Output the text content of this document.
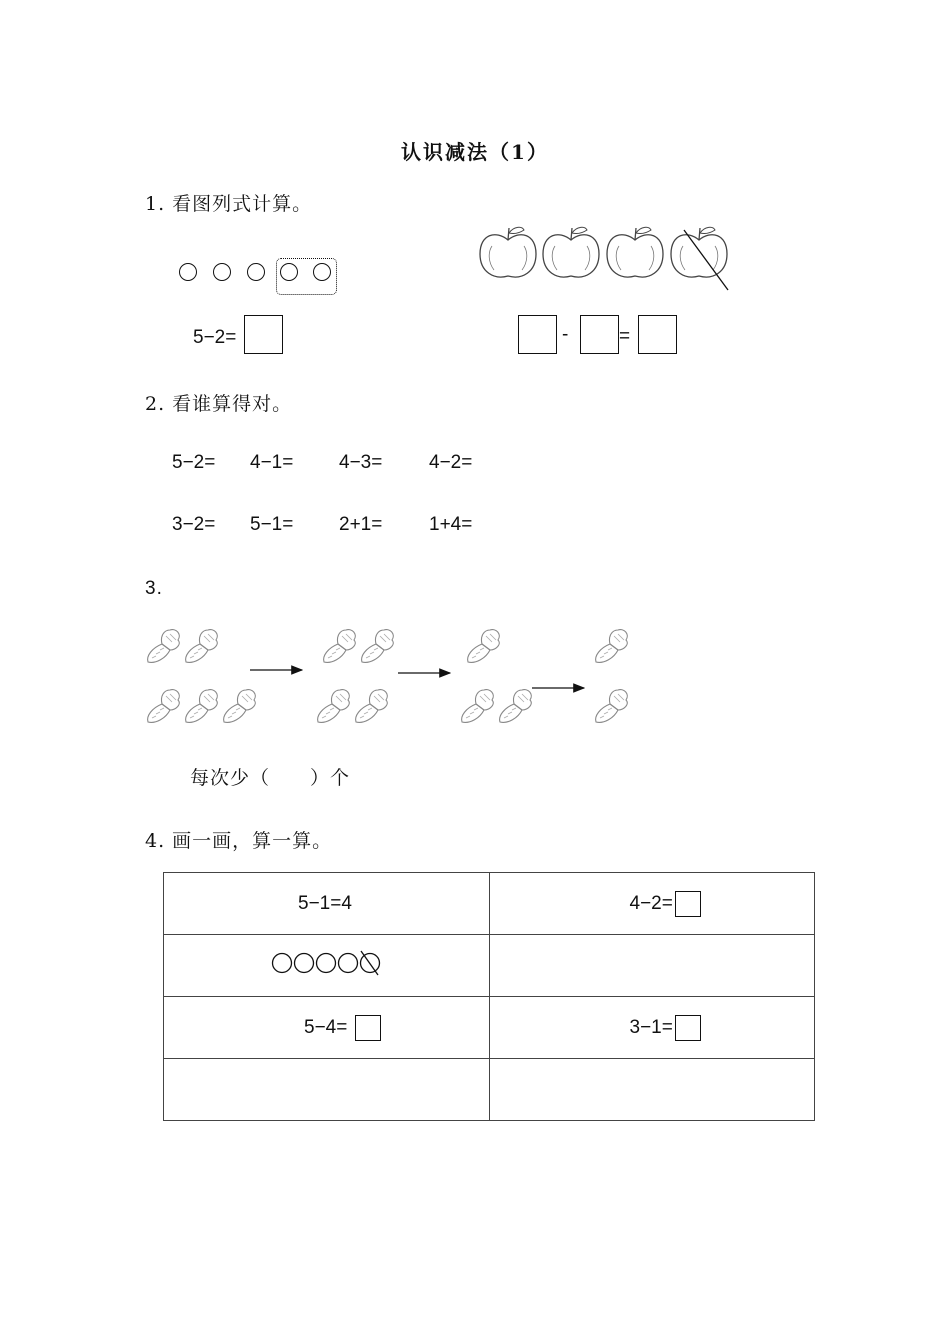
认识减法（1）
1. 看图列式计算。
5−2=	-	=
2. 看谁算得对。
5−2= 4−1= 4−3= 4−2=
3−2= 5−1= 2+1= 1+4=
3.
每次少（　　）个
4. 画一画，算一算。
5−1=4	4−2=

5−4=	3−1=
